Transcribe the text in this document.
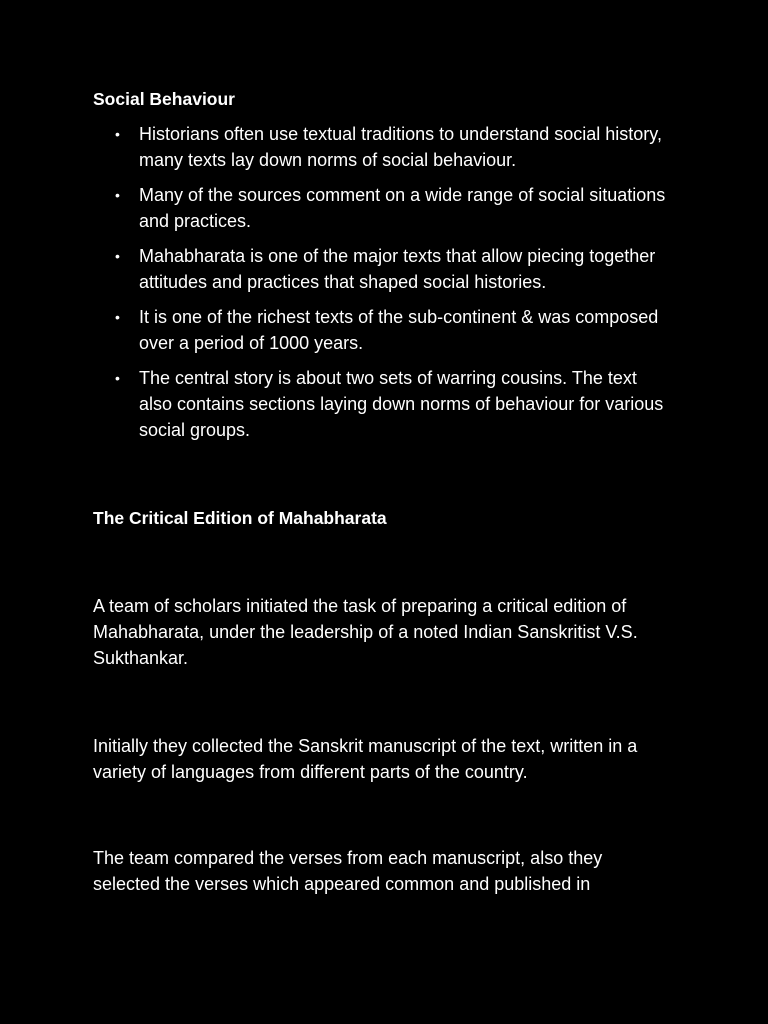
Social Behaviour

• Historians often use textual traditions to understand social history, many texts lay down norms of social behaviour.
• Many of the sources comment on a wide range of social situations and practices.
• Mahabharata is one of the major texts that allow piecing together attitudes and practices that shaped social histories.
• It is one of the richest texts of the sub-continent & was composed over a period of 1000 years.
• The central story is about two sets of warring cousins. The text also contains sections laying down norms of behaviour for various social groups.

The Critical Edition of Mahabharata

A team of scholars initiated the task of preparing a critical edition of Mahabharata, under the leadership of a noted Indian Sanskritist V.S. Sukthankar.

Initially they collected the Sanskrit manuscript of the text, written in a variety of languages from different parts of the country.

The team compared the verses from each manuscript, also they selected the verses which appeared common and published in
